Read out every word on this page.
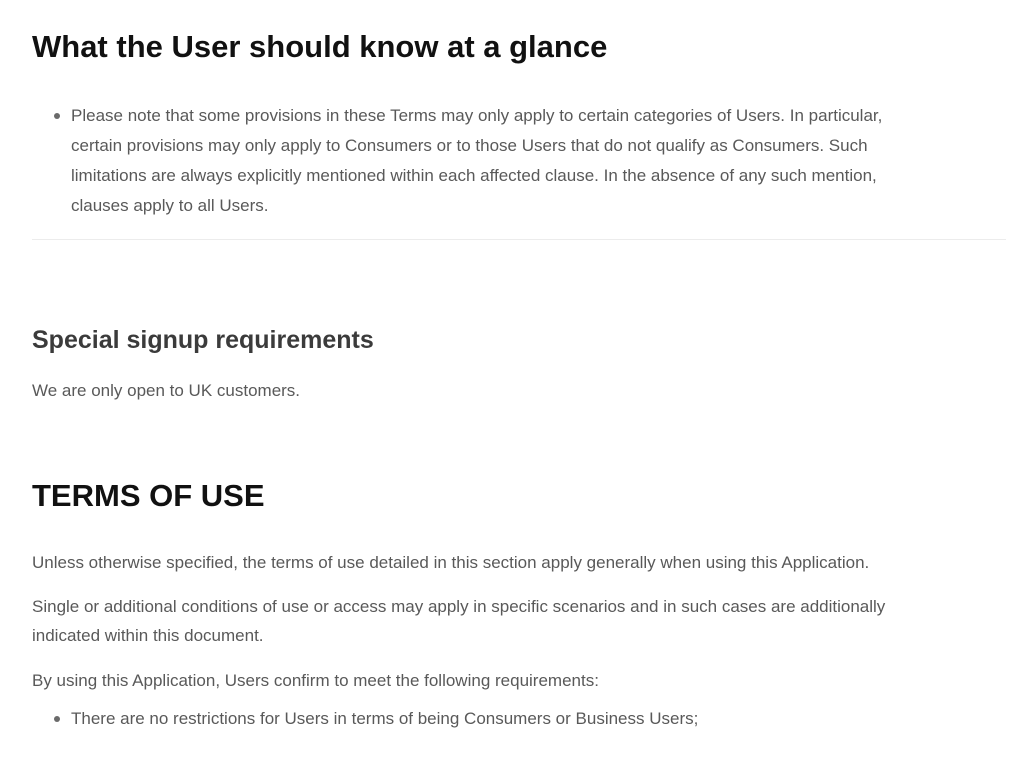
What the User should know at a glance
Please note that some provisions in these Terms may only apply to certain categories of Users. In particular,
certain provisions may only apply to Consumers or to those Users that do not qualify as Consumers. Such
limitations are always explicitly mentioned within each affected clause. In the absence of any such mention,
clauses apply to all Users.
Special signup requirements

We are only open to UK customers.

TERMS OF USE

Unless otherwise specified, the terms of use detailed in this section apply generally when using this Application.

Single or additional conditions of use or access may apply in specific scenarios and in such cases are additionally
indicated within this document.

By using this Application, Users confirm to meet the following requirements:

There are no restrictions for Users in terms of being Consumers or Business Users;
